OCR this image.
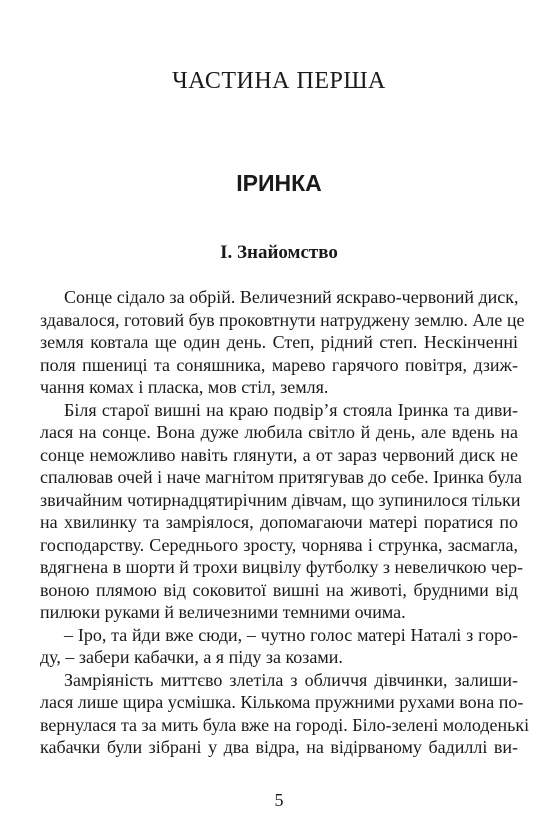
ЧАСТИНА ПЕРША
ІРИНКА
І. Знайомство

Сонце сідало за обрій. Величезний яскраво-червоний диск,
здавалося, готовий був проковтнути натруджену землю. Але це
земля ковтала ще один день. Степ, рідний степ. Нескінченні
поля пшениці та соняшника, марево гарячого повітря, дзиж-
чання комах і пласка, мов стіл, земля.

Біля старої вишні на краю подвір’я стояла Іринка та диви-
лася на сонце. Вона дуже любила світло й день, але вдень на
сонце неможливо навіть глянути, а от зараз червоний диск не
спалював очей і наче магнітом притягував до себе. Іринка була
звичайним чотирнадцятирічним дівчам, що зупинилося тільки
на хвилинку та замріялося, допомагаючи матері поратися по
господарству. Середнього зросту, чорнява і струнка, засмагла,
вдягнена в шорти й трохи вицвілу футболку з невеличкою чер-
воною плямою від соковитої вишні на животі, брудними від
пилюки руками й величезними темними очима.

– Іро, та йди вже сюди, – чутно голос матері Наталі з горо-
ду, – забери кабачки, а я піду за козами.

Замріяність миттєво злетіла з обличчя дівчинки, залиши-
лася лише щира усмішка. Кількома пружними рухами вона по-
вернулася та за мить була вже на городі. Біло-зелені молоденькі
кабачки були зібрані у два відра, на відірваному бадиллі ви-

5
